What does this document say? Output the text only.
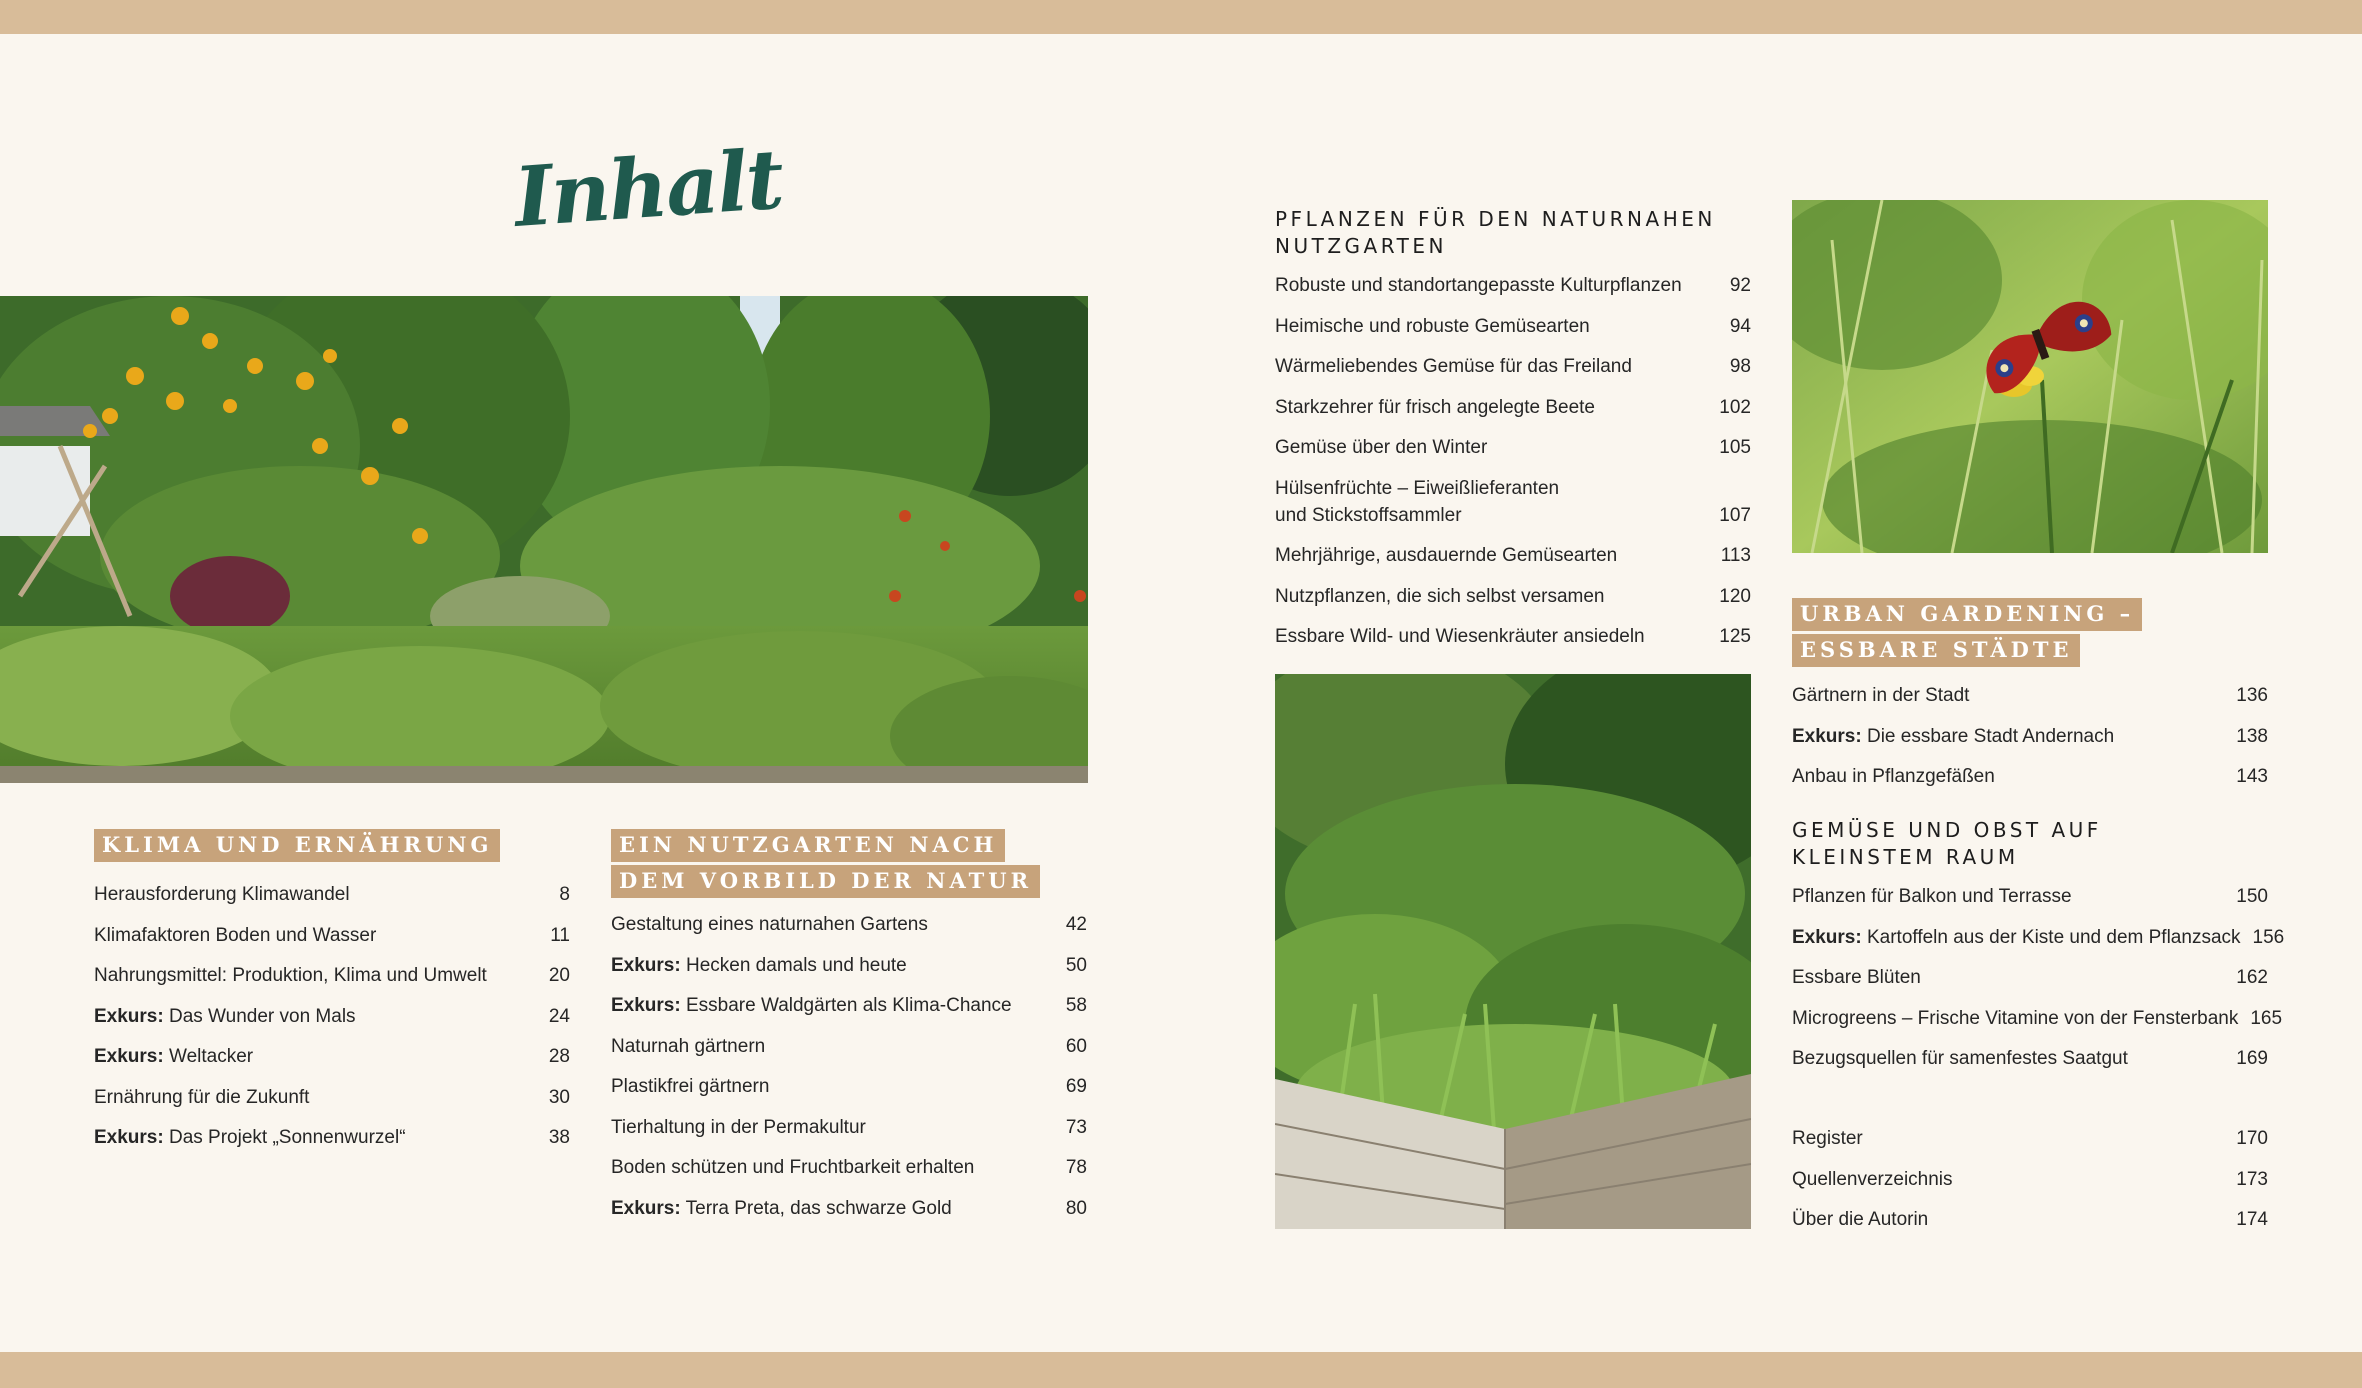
Inhalt
KLIMA UND ERNÄHRUNG
Herausforderung Klimawandel	8
Klimafaktoren Boden und Wasser	11
Nahrungsmittel: Produktion, Klima und Umwelt	20
Exkurs: Das Wunder von Mals	24
Exkurs: Weltacker	28
Ernährung für die Zukunft	30
Exkurs: Das Projekt „Sonnenwurzel“	38
EIN NUTZGARTEN NACH
DEM VORBILD DER NATUR
Gestaltung eines naturnahen Gartens	42
Exkurs: Hecken damals und heute	50
Exkurs: Essbare Waldgärten als Klima-Chance	58
Naturnah gärtnern	60
Plastikfrei gärtnern	69
Tierhaltung in der Permakultur	73
Boden schützen und Fruchtbarkeit erhalten	78
Exkurs: Terra Preta, das schwarze Gold	80
PFLANZEN FÜR DEN NATURNAHEN
NUTZGARTEN
Robuste und standortangepasste Kulturpflanzen	92
Heimische und robuste Gemüsearten	94
Wärmeliebendes Gemüse für das Freiland	98
Starkzehrer für frisch angelegte Beete	102
Gemüse über den Winter	105
Hülsenfrüchte – Eiweißlieferanten
und Stickstoffsammler	107
Mehrjährige, ausdauernde Gemüsearten	113
Nutzpflanzen, die sich selbst versamen	120
Essbare Wild- und Wiesenkräuter ansiedeln	125
URBAN GARDENING –
ESSBARE STÄDTE
Gärtnern in der Stadt	136
Exkurs: Die essbare Stadt Andernach	138
Anbau in Pflanzgefäßen	143
GEMÜSE UND OBST AUF
KLEINSTEM RAUM
Pflanzen für Balkon und Terrasse	150
Exkurs: Kartoffeln aus der Kiste und dem Pflanzsack 156
Essbare Blüten	162
Microgreens – Frische Vitamine von der Fensterbank 165
Bezugsquellen für samenfestes Saatgut	169
Register	170
Quellenverzeichnis	173
Über die Autorin	174
